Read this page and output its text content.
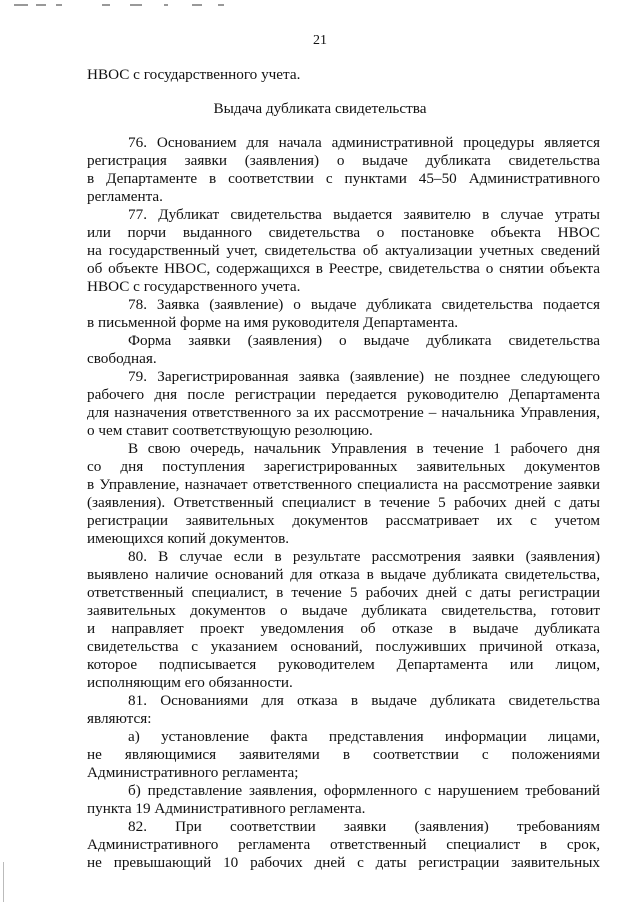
21
НВОС с государственного учета.
Выдача дубликата свидетельства
76. Основанием для начала административной процедуры является
регистрация заявки (заявления) о выдаче дубликата свидетельства
в Департаменте в соответствии с пунктами 45–50 Административного
регламента.
77. Дубликат свидетельства выдается заявителю в случае утраты
или порчи выданного свидетельства о постановке объекта НВОС
на государственный учет, свидетельства об актуализации учетных сведений
об объекте НВОС, содержащихся в Реестре, свидетельства о снятии объекта
НВОС с государственного учета.
78. Заявка (заявление) о выдаче дубликата свидетельства подается
в письменной форме на имя руководителя Департамента.
Форма заявки (заявления) о выдаче дубликата свидетельства
свободная.
79. Зарегистрированная заявка (заявление) не позднее следующего
рабочего дня после регистрации передается руководителю Департамента
для назначения ответственного за их рассмотрение – начальника Управления,
о чем ставит соответствующую резолюцию.
В свою очередь, начальник Управления в течение 1 рабочего дня
со дня поступления зарегистрированных заявительных документов
в Управление, назначает ответственного специалиста на рассмотрение заявки
(заявления). Ответственный специалист в течение 5 рабочих дней с даты
регистрации заявительных документов рассматривает их с учетом
имеющихся копий документов.
80. В случае если в результате рассмотрения заявки (заявления)
выявлено наличие оснований для отказа в выдаче дубликата свидетельства,
ответственный специалист, в течение 5 рабочих дней с даты регистрации
заявительных документов о выдаче дубликата свидетельства, готовит
и направляет проект уведомления об отказе в выдаче дубликата
свидетельства с указанием оснований, послуживших причиной отказа,
которое подписывается руководителем Департамента или лицом,
исполняющим его обязанности.
81. Основаниями для отказа в выдаче дубликата свидетельства
являются:
а) установление факта представления информации лицами,
не являющимися заявителями в соответствии с положениями
Административного регламента;
б) представление заявления, оформленного с нарушением требований
пункта 19 Административного регламента.
82. При соответствии заявки (заявления) требованиям
Административного регламента ответственный специалист в срок,
не превышающий 10 рабочих дней с даты регистрации заявительных
